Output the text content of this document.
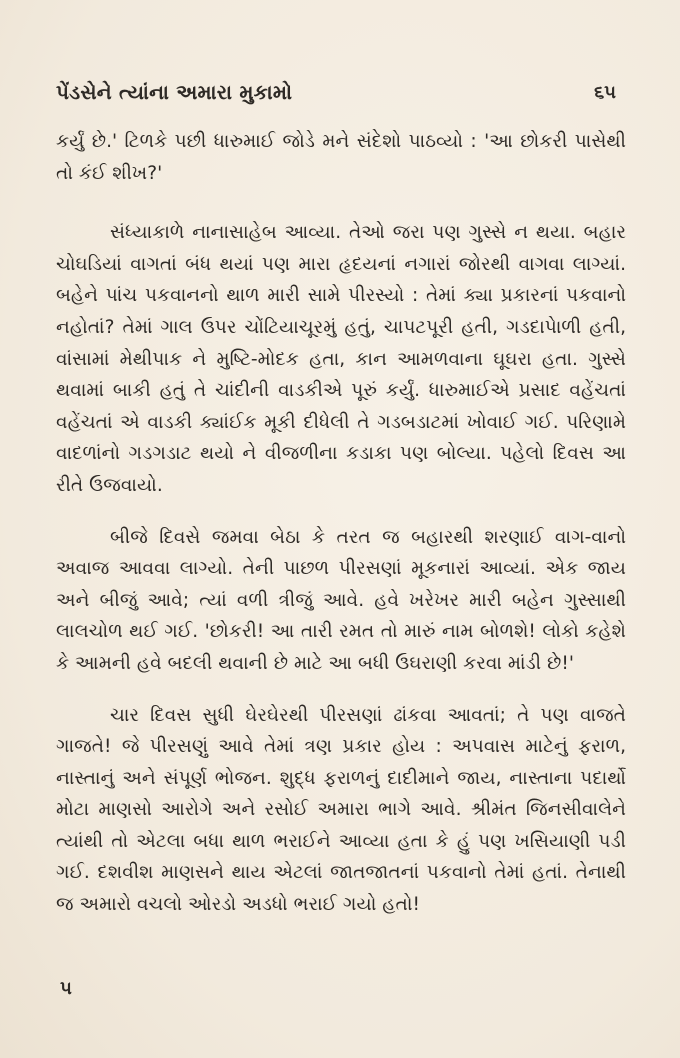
પેંડસેને ત્યાંના અમારા મુકામો	૬૫

કર્યું છે.' ટિળકે પછી ધારુમાઈ જોડે મને સંદેશો પાઠવ્યો : 'આ છોકરી પાસેથી તો કંઈ શીખ?'

સંધ્યાકાળે નાનાસાહેબ આવ્યા. તેઓ જરા પણ ગુસ્સે ન થયા. બહાર ચોઘડિયાં વાગતાં બંધ થયાં પણ મારા હૃદયનાં નગારાં જોરથી વાગવા લાગ્યાં. બહેને પાંચ પકવાનનો થાળ મારી સામે પીરસ્યો : તેમાં ક્યા પ્રકારનાં પકવાનો નહોતાં? તેમાં ગાલ ઉપર ચોંટિયાચૂરમું હતું, ચાપટપૂરી હતી, ગડદાપેાળી હતી, વાંસામાં મેથીપાક ને મુષ્ટિ-મોદક હતા, કાન આમળવાના ઘૂઘરા હતા. ગુસ્સે થવામાં બાકી હતું તે ચાંદીની વાડકીએ પૂરું કર્યું. ધારુમાઈએ પ્રસાદ વહેંચતાં વહેંચતાં એ વાડકી ક્યાંઈક મૂકી દીધેલી તે ગડબડાટમાં ખોવાઈ ગઈ. પરિણામે વાદળાંનો ગડગડાટ થયો ને વીજળીના કડાકા પણ બોલ્યા. પહેલો દિવસ આ રીતે ઉજવાયો.

બીજે દિવસે જમવા બેઠા કે તરત જ બહારથી શરણાઈ વાગ-વાનો અવાજ આવવા લાગ્યો. તેની પાછળ પીરસણાં મૂકનારાં આવ્યાં. એક જાય અને બીજું આવે; ત્યાં વળી ત્રીજું આવે. હવે ખરેખર મારી બહેન ગુસ્સાથી લાલચોળ થઈ ગઈ. 'છોકરી! આ તારી રમત તો મારું નામ બોળશે! લોકો કહેશે કે આમની હવે બદલી થવાની છે માટે આ બધી ઉઘરાણી કરવા માંડી છે!'

ચાર દિવસ સુધી ઘેરઘેરથી પીરસણાં ઢાંકવા આવતાં; તે પણ વાજતે ગાજતે! જે પીરસણું આવે તેમાં ત્રણ પ્રકાર હોય : અપવાસ માટેનું ફરાળ, નાસ્તાનું અને સંપૂર્ણ ભોજન. શુદ્ધ ફરાળનું દાદીમાને જાય, નાસ્તાના પદાર્થો મોટા માણસો આરોગે અને રસોઈ અમારા ભાગે આવે. શ્રીમંત જિનસીવાલેને ત્યાંથી તો એટલા બધા થાળ ભરાઈને આવ્યા હતા કે હું પણ ખસિયાણી પડી ગઈ. દશવીશ માણસને થાય એટલાં જાતજાતનાં પકવાનો તેમાં હતાં. તેનાથી જ અમારો વચલો ઓરડો અડધો ભરાઈ ગયો હતો!

૫
